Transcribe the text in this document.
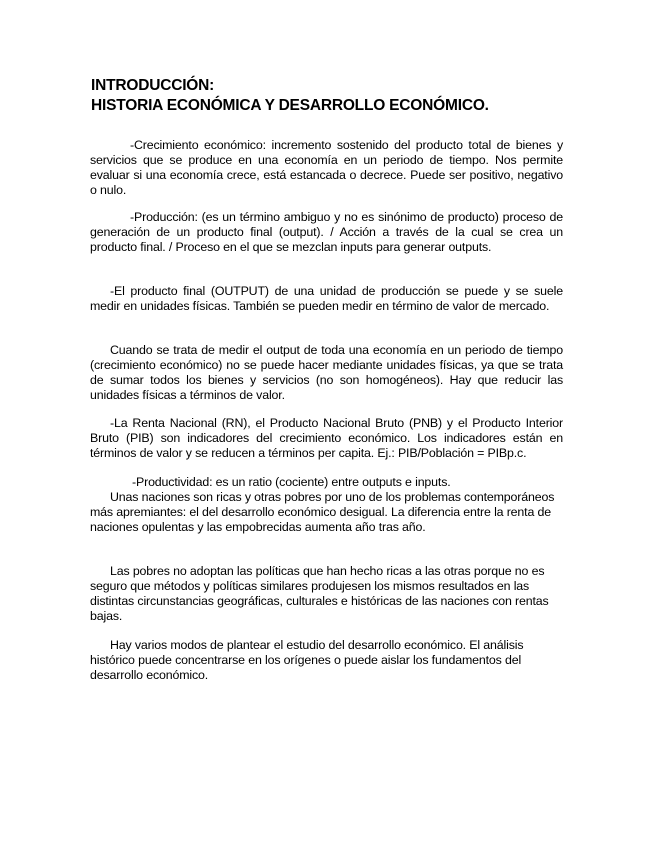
INTRODUCCIÓN:
HISTORIA ECONÓMICA Y DESARROLLO ECONÓMICO.

-Crecimiento económico: incremento sostenido del producto total de bienes y servicios que se produce en una economía en un periodo de tiempo. Nos permite evaluar si una economía crece, está estancada o decrece. Puede ser positivo, negativo o nulo.

-Producción: (es un término ambiguo y no es sinónimo de producto) proceso de generación de un producto final (output). / Acción a través de la cual se crea un producto final. / Proceso en el que se mezclan inputs para generar outputs.

-El producto final (OUTPUT) de una unidad de producción se puede y se suele medir en unidades físicas. También se pueden medir en término de valor de mercado.

Cuando se trata de medir el output de toda una economía en un periodo de tiempo (crecimiento económico) no se puede hacer mediante unidades físicas, ya que se trata de sumar todos los bienes y servicios (no son homogéneos). Hay que reducir las unidades físicas a términos de valor.

-La Renta Nacional (RN), el Producto Nacional Bruto (PNB) y el Producto Interior Bruto (PIB) son indicadores del crecimiento económico. Los indicadores están en términos de valor y se reducen a términos per capita. Ej.: PIB/Población = PIBp.c.

-Productividad: es un ratio (cociente) entre outputs e inputs.

Unas naciones son ricas y otras pobres por uno de los problemas contemporáneos más apremiantes: el del desarrollo económico desigual. La diferencia entre la renta de naciones opulentas y las empobrecidas aumenta año tras año.

Las pobres no adoptan las políticas que han hecho ricas a las otras porque no es seguro que métodos y políticas similares produjesen los mismos resultados en las distintas circunstancias geográficas, culturales e históricas de las naciones con rentas bajas.

Hay varios modos de plantear el estudio del desarrollo económico. El análisis histórico puede concentrarse en los orígenes o puede aislar los fundamentos del desarrollo económico.
